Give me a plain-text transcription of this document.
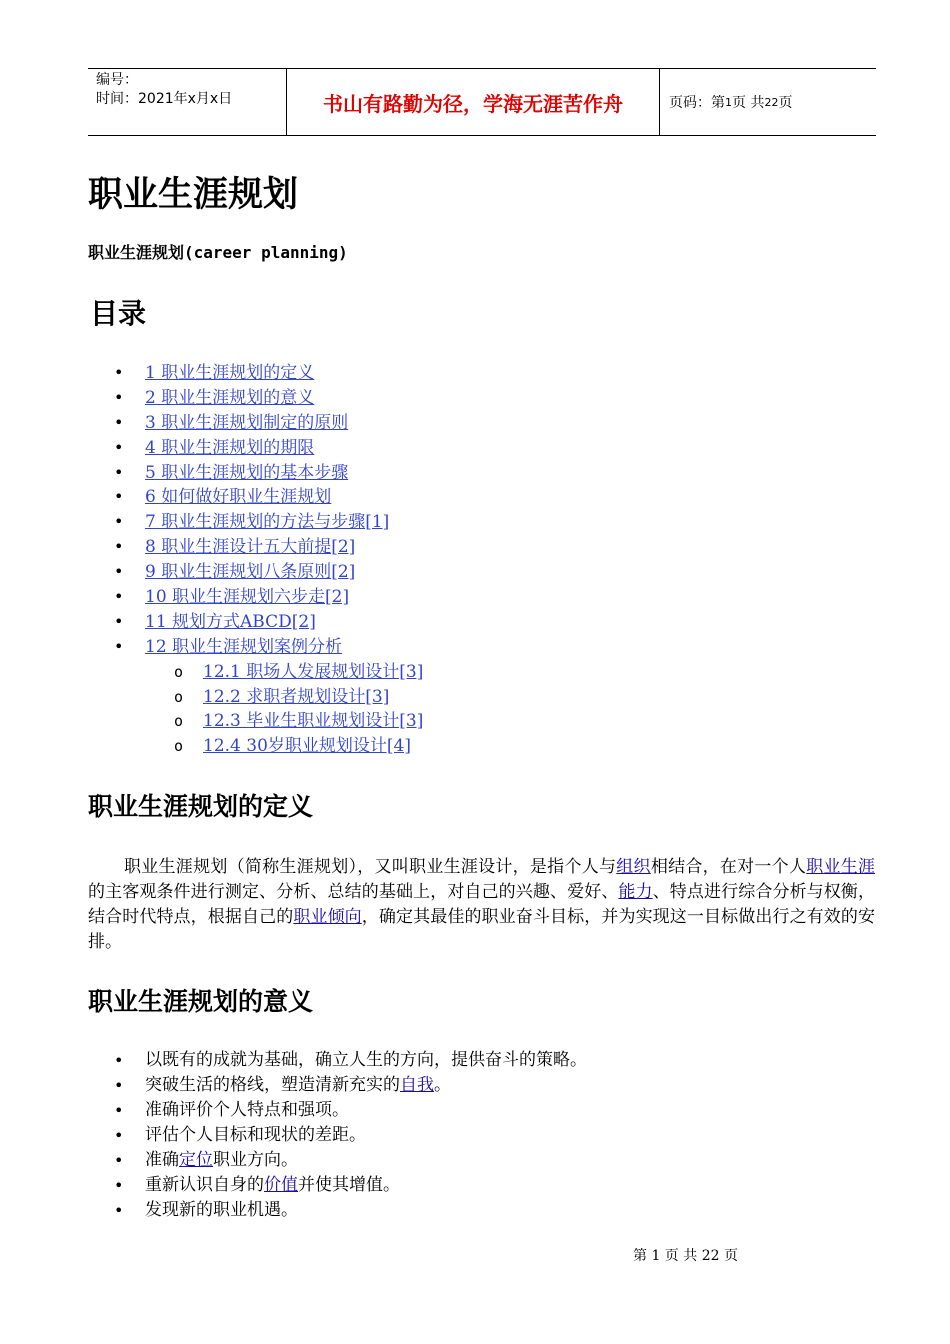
编号：
时间：2021年x月x日	书山有路勤为径，学海无涯苦作舟	页码：第 1 页 共 22 页
职业生涯规划

职业生涯规划(career planning)

目录
• 1 职业生涯规划的定义
• 2 职业生涯规划的意义
• 3 职业生涯规划制定的原则
• 4 职业生涯规划的期限
• 5 职业生涯规划的基本步骤
• 6 如何做好职业生涯规划
• 7 职业生涯规划的方法与步骤[1]
• 8 职业生涯设计五大前提[2]
• 9 职业生涯规划八条原则[2]
• 10 职业生涯规划六步走[2]
• 11 规划方式ABCD[2]
• 12 职业生涯规划案例分析
o 12.1 职场人发展规划设计[3]
o 12.2 求职者规划设计[3]
o 12.3 毕业生职业规划设计[3]
o 12.4 30岁职业规划设计[4]
职业生涯规划的定义

职业生涯规划（简称生涯规划），又叫职业生涯设计，是指个人与组织相结合，在对一个人职业生涯的主客观条件进行测定、分析、总结的基础上，对自己的兴趣、爱好、能力、特点进行综合分析与权衡，结合时代特点，根据自己的职业倾向，确定其最佳的职业奋斗目标，并为实现这一目标做出行之有效的安排。

职业生涯规划的意义
• 以既有的成就为基础，确立人生的方向，提供奋斗的策略。
• 突破生活的格线，塑造清新充实的自我。
• 准确评价个人特点和强项。
• 评估个人目标和现状的差距。
• 准确定位职业方向。
• 重新认识自身的价值并使其增值。
• 发现新的职业机遇。
第 1 页 共 22 页
